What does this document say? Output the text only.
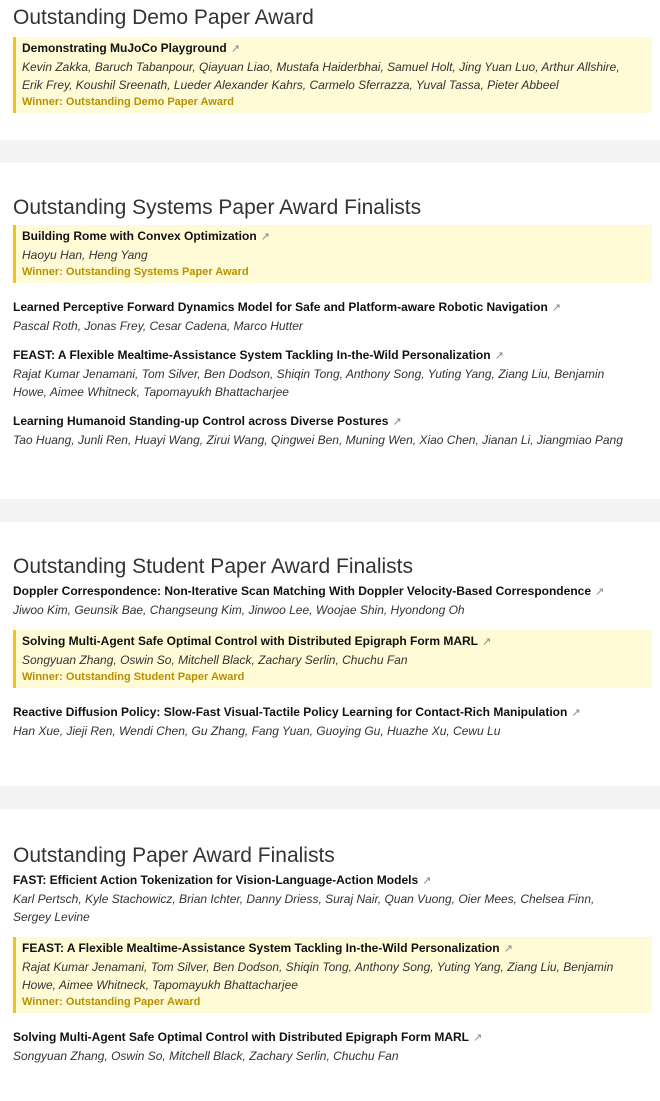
Outstanding Demo Paper Award
Demonstrating MuJoCo Playground ↗
Kevin Zakka, Baruch Tabanpour, Qiayuan Liao, Mustafa Haiderbhai, Samuel Holt, Jing Yuan Luo, Arthur Allshire,
Erik Frey, Koushil Sreenath, Lueder Alexander Kahrs, Carmelo Sferrazza, Yuval Tassa, Pieter Abbeel
Winner: Outstanding Demo Paper Award
Outstanding Systems Paper Award Finalists
Building Rome with Convex Optimization ↗
Haoyu Han, Heng Yang
Winner: Outstanding Systems Paper Award
Learned Perceptive Forward Dynamics Model for Safe and Platform-aware Robotic Navigation ↗
Pascal Roth, Jonas Frey, Cesar Cadena, Marco Hutter
FEAST: A Flexible Mealtime-Assistance System Tackling In-the-Wild Personalization ↗
Rajat Kumar Jenamani, Tom Silver, Ben Dodson, Shiqin Tong, Anthony Song, Yuting Yang, Ziang Liu, Benjamin
Howe, Aimee Whitneck, Tapomayukh Bhattacharjee
Learning Humanoid Standing-up Control across Diverse Postures ↗
Tao Huang, Junli Ren, Huayi Wang, Zirui Wang, Qingwei Ben, Muning Wen, Xiao Chen, Jianan Li, Jiangmiao Pang
Outstanding Student Paper Award Finalists
Doppler Correspondence: Non-Iterative Scan Matching With Doppler Velocity-Based Correspondence ↗
Jiwoo Kim, Geunsik Bae, Changseung Kim, Jinwoo Lee, Woojae Shin, Hyondong Oh
Solving Multi-Agent Safe Optimal Control with Distributed Epigraph Form MARL ↗
Songyuan Zhang, Oswin So, Mitchell Black, Zachary Serlin, Chuchu Fan
Winner: Outstanding Student Paper Award
Reactive Diffusion Policy: Slow-Fast Visual-Tactile Policy Learning for Contact-Rich Manipulation ↗
Han Xue, Jieji Ren, Wendi Chen, Gu Zhang, Fang Yuan, Guoying Gu, Huazhe Xu, Cewu Lu
Outstanding Paper Award Finalists
FAST: Efficient Action Tokenization for Vision-Language-Action Models ↗
Karl Pertsch, Kyle Stachowicz, Brian Ichter, Danny Driess, Suraj Nair, Quan Vuong, Oier Mees, Chelsea Finn,
Sergey Levine
FEAST: A Flexible Mealtime-Assistance System Tackling In-the-Wild Personalization ↗
Rajat Kumar Jenamani, Tom Silver, Ben Dodson, Shiqin Tong, Anthony Song, Yuting Yang, Ziang Liu, Benjamin
Howe, Aimee Whitneck, Tapomayukh Bhattacharjee
Winner: Outstanding Paper Award
Solving Multi-Agent Safe Optimal Control with Distributed Epigraph Form MARL ↗
Songyuan Zhang, Oswin So, Mitchell Black, Zachary Serlin, Chuchu Fan
